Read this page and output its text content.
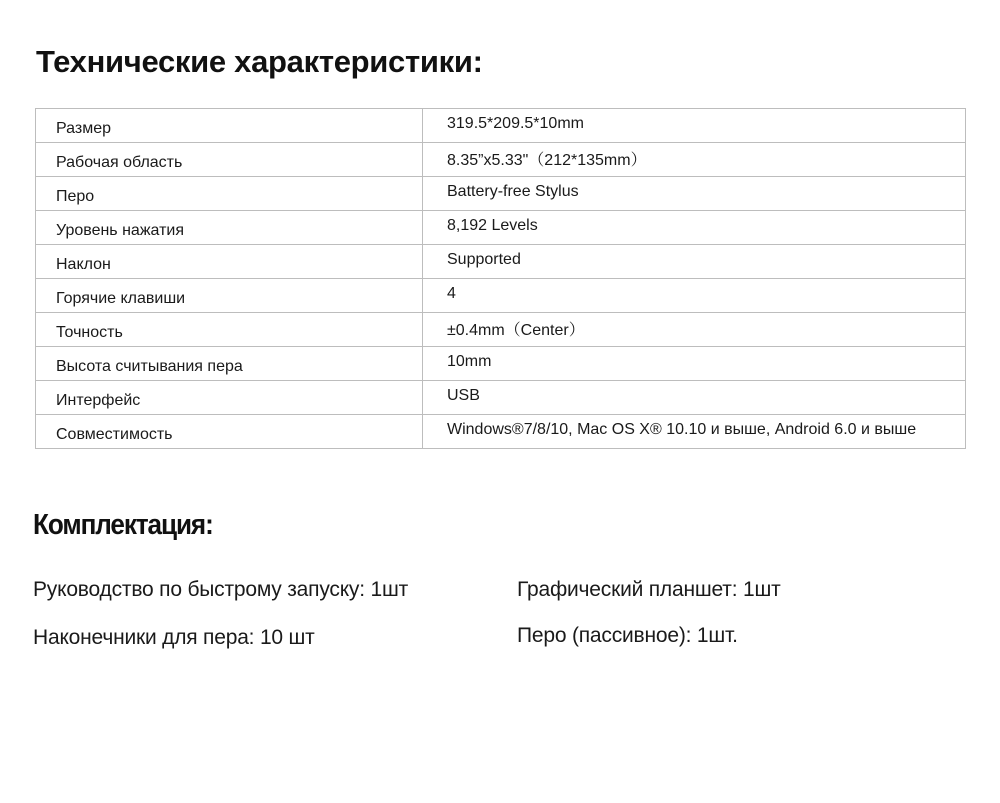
Технические характеристики:
Размер	319.5*209.5*10mm
Рабочая область	8.35”x5.33"（212*135mm）
Перо	Battery-free Stylus
Уровень нажатия	8,192 Levels
Наклон	Supported
Горячие клавиши	4
Точность	±0.4mm（Center）
Высота считывания пера	10mm
Интерфейс	USB
Совместимость	Windows®7/8/10, Mac OS X® 10.10 и выше, Android 6.0 и выше
Комплектация:
Руководство по быстрому запуску: 1шт
Наконечники для пера: 10 шт
Графический планшет: 1шт
Перо (пассивное): 1шт.
